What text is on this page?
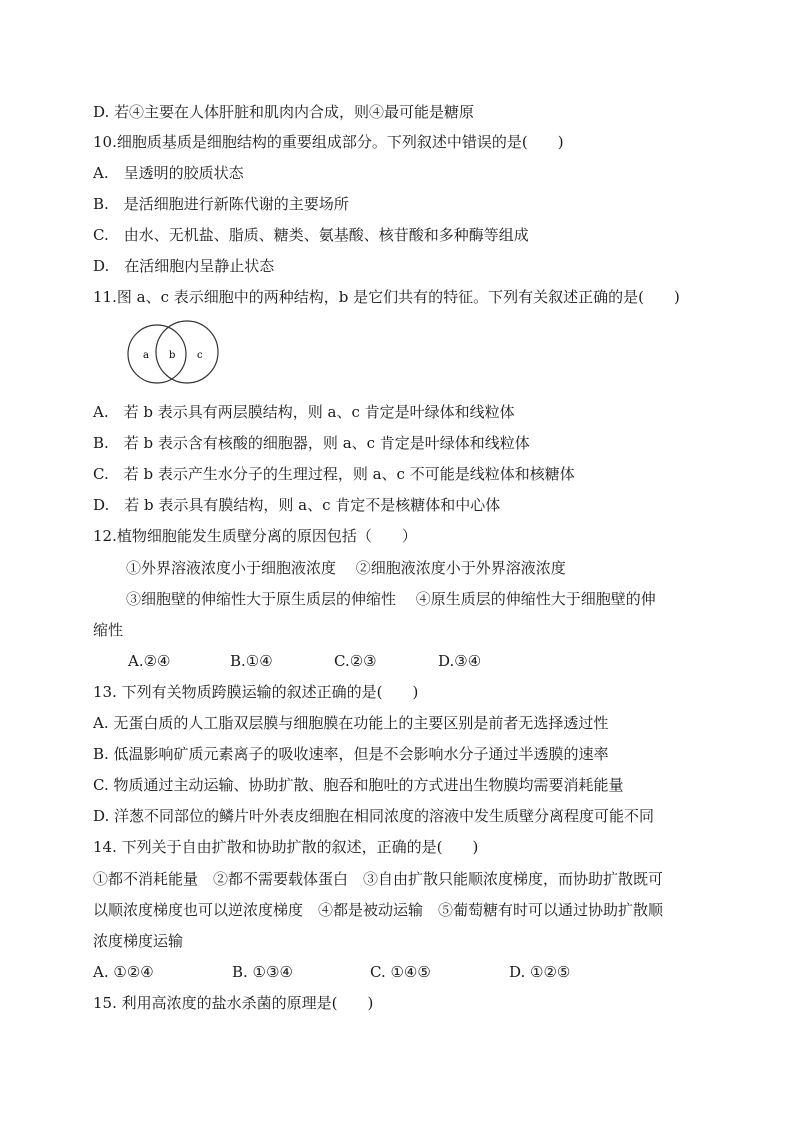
D. 若④主要在人体肝脏和肌肉内合成，则④最可能是糖原
10.细胞质基质是细胞结构的重要组成部分。下列叙述中错误的是(　　)
A.　呈透明的胶质状态
B.　是活细胞进行新陈代谢的主要场所
C.　由水、无机盐、脂质、糖类、氨基酸、核苷酸和多种酶等组成
D.　在活细胞内呈静止状态
11.图 a、c 表示细胞中的两种结构，b 是它们共有的特征。下列有关叙述正确的是(　　)
a b c
A.　若 b 表示具有两层膜结构，则 a、c 肯定是叶绿体和线粒体
B.　若 b 表示含有核酸的细胞器，则 a、c 肯定是叶绿体和线粒体
C.　若 b 表示产生水分子的生理过程，则 a、c 不可能是线粒体和核糖体
D.　若 b 表示具有膜结构，则 a、c 肯定不是核糖体和中心体
12.植物细胞能发生质壁分离的原因包括（　　）
①外界溶液浓度小于细胞液浓度　 ②细胞液浓度小于外界溶液浓度
③细胞壁的伸缩性大于原生质层的伸缩性　 ④原生质层的伸缩性大于细胞壁的伸
缩性
A.②④	B.①④	C.②③	D.③④
13. 下列有关物质跨膜运输的叙述正确的是(　　)
A. 无蛋白质的人工脂双层膜与细胞膜在功能上的主要区别是前者无选择透过性
B. 低温影响矿质元素离子的吸收速率，但是不会影响水分子通过半透膜的速率
C. 物质通过主动运输、协助扩散、胞吞和胞吐的方式进出生物膜均需要消耗能量
D. 洋葱不同部位的鳞片叶外表皮细胞在相同浓度的溶液中发生质壁分离程度可能不同
14. 下列关于自由扩散和协助扩散的叙述，正确的是(　　)
①都不消耗能量　②都不需要载体蛋白　③自由扩散只能顺浓度梯度，而协助扩散既可
以顺浓度梯度也可以逆浓度梯度　④都是被动运输　⑤葡萄糖有时可以通过协助扩散顺
浓度梯度运输
A. ①②④	B. ①③④	C. ①④⑤	D. ①②⑤
15. 利用高浓度的盐水杀菌的原理是(　　)
